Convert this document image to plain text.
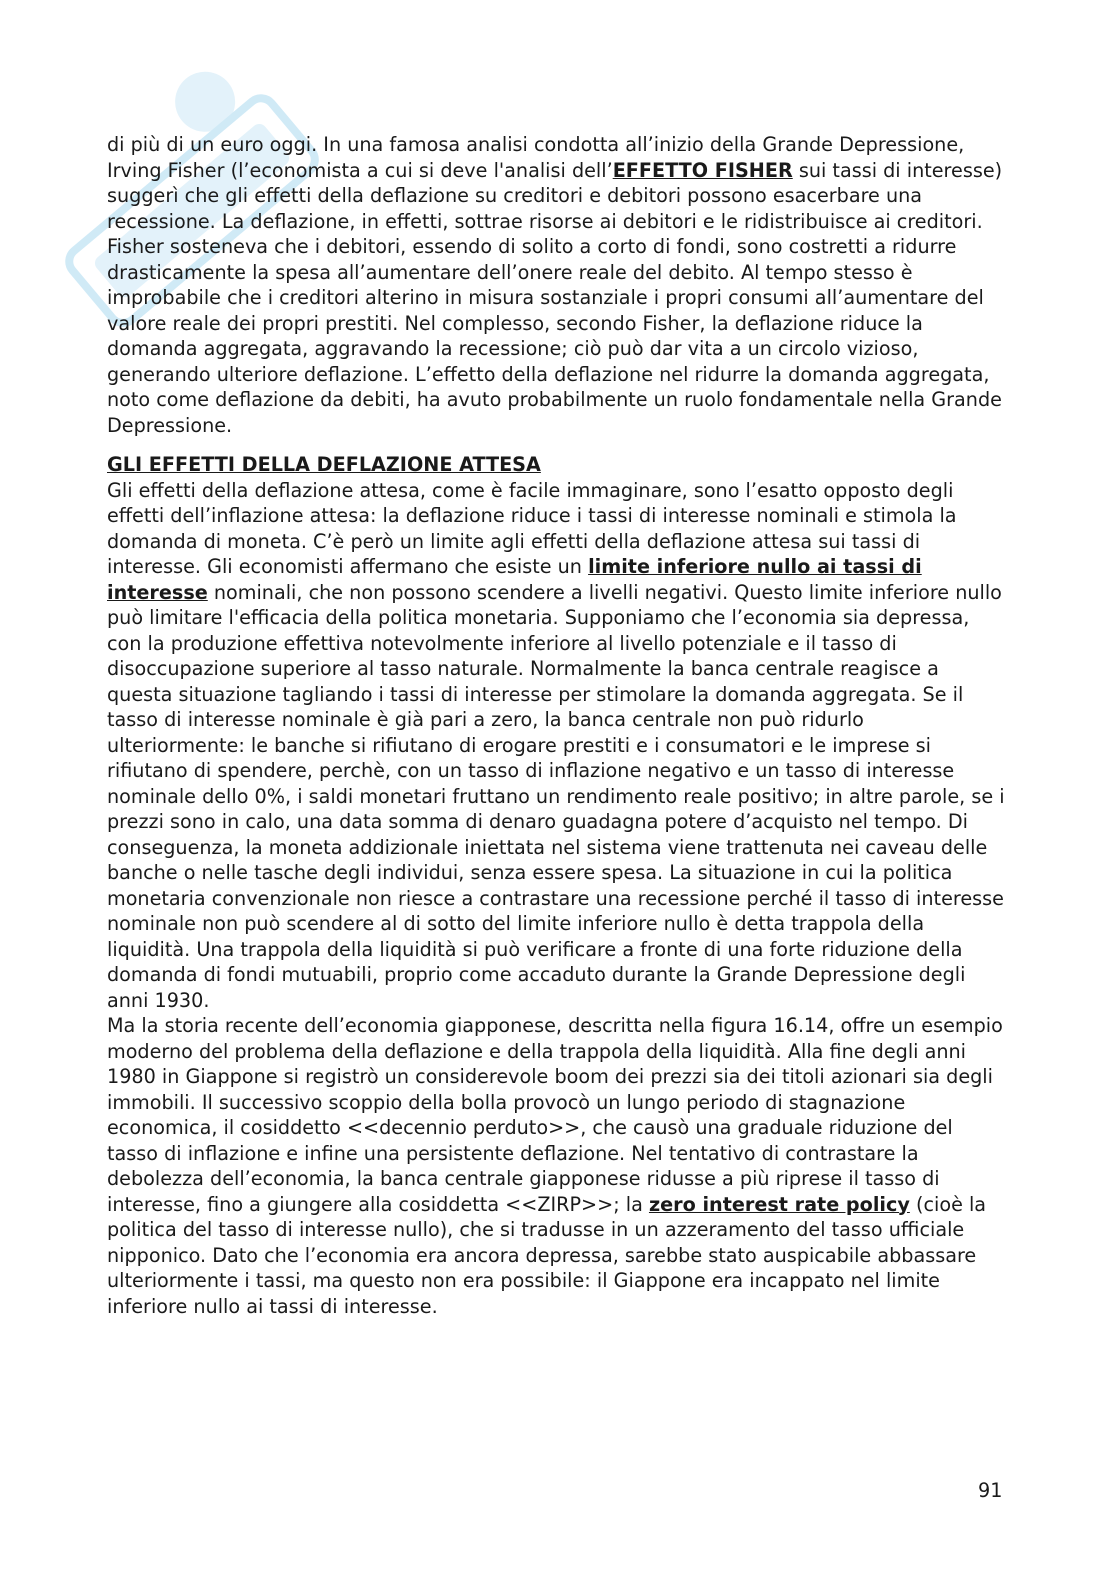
di più di un euro oggi. In una famosa analisi condotta all’inizio della Grande Depressione, Irving Fisher (l’economista a cui si deve l'analisi dell’EFFETTO FISHER sui tassi di interesse) suggerì che gli effetti della deflazione su creditori e debitori possono esacerbare una recessione. La deflazione, in effetti, sottrae risorse ai debitori e le ridistribuisce ai creditori. Fisher sosteneva che i debitori, essendo di solito a corto di fondi, sono costretti a ridurre drasticamente la spesa all’aumentare dell’onere reale del debito. Al tempo stesso è improbabile che i creditori alterino in misura sostanziale i propri consumi all’aumentare del valore reale dei propri prestiti. Nel complesso, secondo Fisher, la deflazione riduce la domanda aggregata, aggravando la recessione; ciò può dar vita a un circolo vizioso, generando ulteriore deflazione. L’effetto della deflazione nel ridurre la domanda aggregata, noto come deflazione da debiti, ha avuto probabilmente un ruolo fondamentale nella Grande Depressione.

GLI EFFETTI DELLA DEFLAZIONE ATTESA

Gli effetti della deflazione attesa, come è facile immaginare, sono l’esatto opposto degli effetti dell’inflazione attesa: la deflazione riduce i tassi di interesse nominali e stimola la domanda di moneta. C’è però un limite agli effetti della deflazione attesa sui tassi di interesse. Gli economisti affermano che esiste un limite inferiore nullo ai tassi di interesse nominali, che non possono scendere a livelli negativi. Questo limite inferiore nullo può limitare l'efficacia della politica monetaria. Supponiamo che l’economia sia depressa, con la produzione effettiva notevolmente inferiore al livello potenziale e il tasso di disoccupazione superiore al tasso naturale. Normalmente la banca centrale reagisce a questa situazione tagliando i tassi di interesse per stimolare la domanda aggregata. Se il tasso di interesse nominale è già pari a zero, la banca centrale non può ridurlo ulteriormente: le banche si rifiutano di erogare prestiti e i consumatori e le imprese si rifiutano di spendere, perchè, con un tasso di inflazione negativo e un tasso di interesse nominale dello 0%, i saldi monetari fruttano un rendimento reale positivo; in altre parole, se i prezzi sono in calo, una data somma di denaro guadagna potere d’acquisto nel tempo. Di conseguenza, la moneta addizionale iniettata nel sistema viene trattenuta nei caveau delle banche o nelle tasche degli individui, senza essere spesa. La situazione in cui la politica monetaria convenzionale non riesce a contrastare una recessione perché il tasso di interesse nominale non può scendere al di sotto del limite inferiore nullo è detta trappola della liquidità. Una trappola della liquidità si può verificare a fronte di una forte riduzione della domanda di fondi mutuabili, proprio come accaduto durante la Grande Depressione degli anni 1930.

Ma la storia recente dell’economia giapponese, descritta nella figura 16.14, offre un esempio moderno del problema della deflazione e della trappola della liquidità. Alla fine degli anni 1980 in Giappone si registrò un considerevole boom dei prezzi sia dei titoli azionari sia degli immobili. Il successivo scoppio della bolla provocò un lungo periodo di stagnazione economica, il cosiddetto <<decennio perduto>>, che causò una graduale riduzione del tasso di inflazione e infine una persistente deflazione. Nel tentativo di contrastare la debolezza dell’economia, la banca centrale giapponese ridusse a più riprese il tasso di interesse, fino a giungere alla cosiddetta <<ZIRP>>; la zero interest rate policy (cioè la politica del tasso di interesse nullo), che si tradusse in un azzeramento del tasso ufficiale nipponico. Dato che l’economia era ancora depressa, sarebbe stato auspicabile abbassare ulteriormente i tassi, ma questo non era possibile: il Giappone era incappato nel limite inferiore nullo ai tassi di interesse.

91
